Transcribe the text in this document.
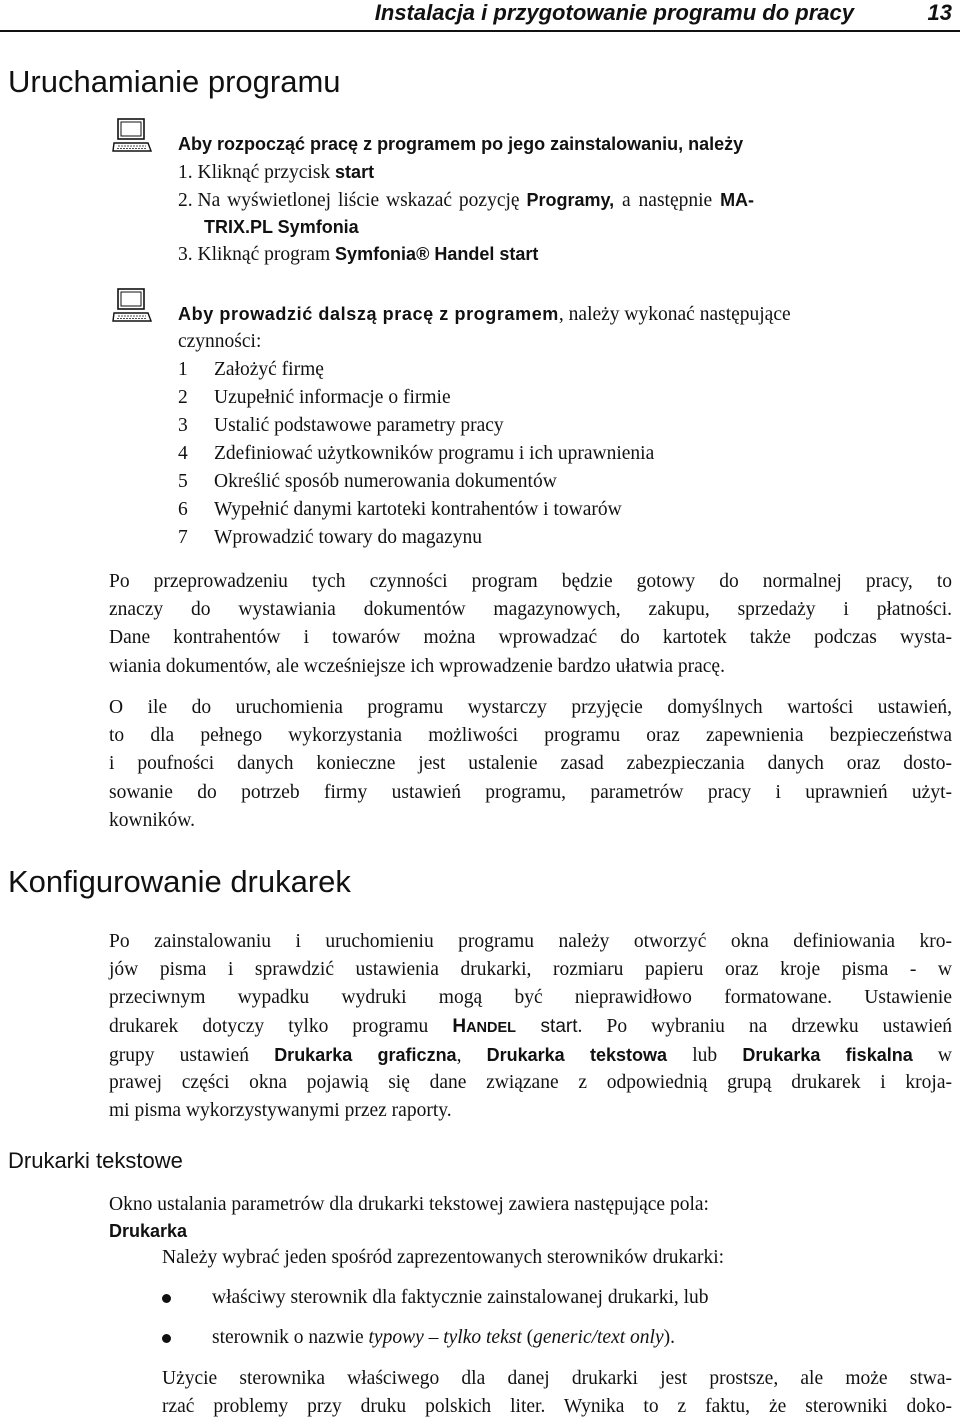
Instalacja i przygotowanie programu do pracy	13
Uruchamianie programu
Aby rozpocząć pracę z programem po jego zainstalowaniu, należy
1. Kliknąć przycisk start
2. Na wyświetlonej liście wskazać pozycję Programy, a następnie MA-
TRIX.PL Symfonia
3. Kliknąć program Symfonia® Handel start
Aby prowadzić dalszą pracę z programem, należy wykonać następujące
czynności:
1 Założyć firmę
2 Uzupełnić informacje o firmie
3 Ustalić podstawowe parametry pracy
4 Zdefiniować użytkowników programu i ich uprawnienia
5 Określić sposób numerowania dokumentów
6 Wypełnić danymi kartoteki kontrahentów i towarów
7 Wprowadzić towary do magazynu
Po przeprowadzeniu tych czynności program będzie gotowy do normalnej pracy, to
znaczy do wystawiania dokumentów magazynowych, zakupu, sprzedaży i płatności.
Dane kontrahentów i towarów można wprowadzać do kartotek także podczas wysta-
wiania dokumentów, ale wcześniejsze ich wprowadzenie bardzo ułatwia pracę.
O ile do uruchomienia programu wystarczy przyjęcie domyślnych wartości ustawień,
to dla pełnego wykorzystania możliwości programu oraz zapewnienia bezpieczeństwa
i poufności danych konieczne jest ustalenie zasad zabezpieczania danych oraz dosto-
sowanie do potrzeb firmy ustawień programu, parametrów pracy i uprawnień użyt-
kowników.
Konfigurowanie drukarek
Po zainstalowaniu i uruchomieniu programu należy otworzyć okna definiowania kro-
jów pisma i sprawdzić ustawienia drukarki, rozmiaru papieru oraz kroje pisma - w
przeciwnym wypadku wydruki mogą być nieprawidłowo formatowane. Ustawienie
drukarek dotyczy tylko programu HANDEL start. Po wybraniu na drzewku ustawień
grupy ustawień Drukarka graficzna, Drukarka tekstowa lub Drukarka fiskalna w
prawej części okna pojawią się dane związane z odpowiednią grupą drukarek i kroja-
mi pisma wykorzystywanymi przez raporty.
Drukarki tekstowe
Okno ustalania parametrów dla drukarki tekstowej zawiera następujące pola:
Drukarka
Należy wybrać jeden spośród zaprezentowanych sterowników drukarki:
właściwy sterownik dla faktycznie zainstalowanej drukarki, lub
sterownik o nazwie typowy – tylko tekst (generic/text only).
Użycie sterownika właściwego dla danej drukarki jest prostsze, ale może stwa-
rzać problemy przy druku polskich liter. Wynika to z faktu, że sterowniki doko-
